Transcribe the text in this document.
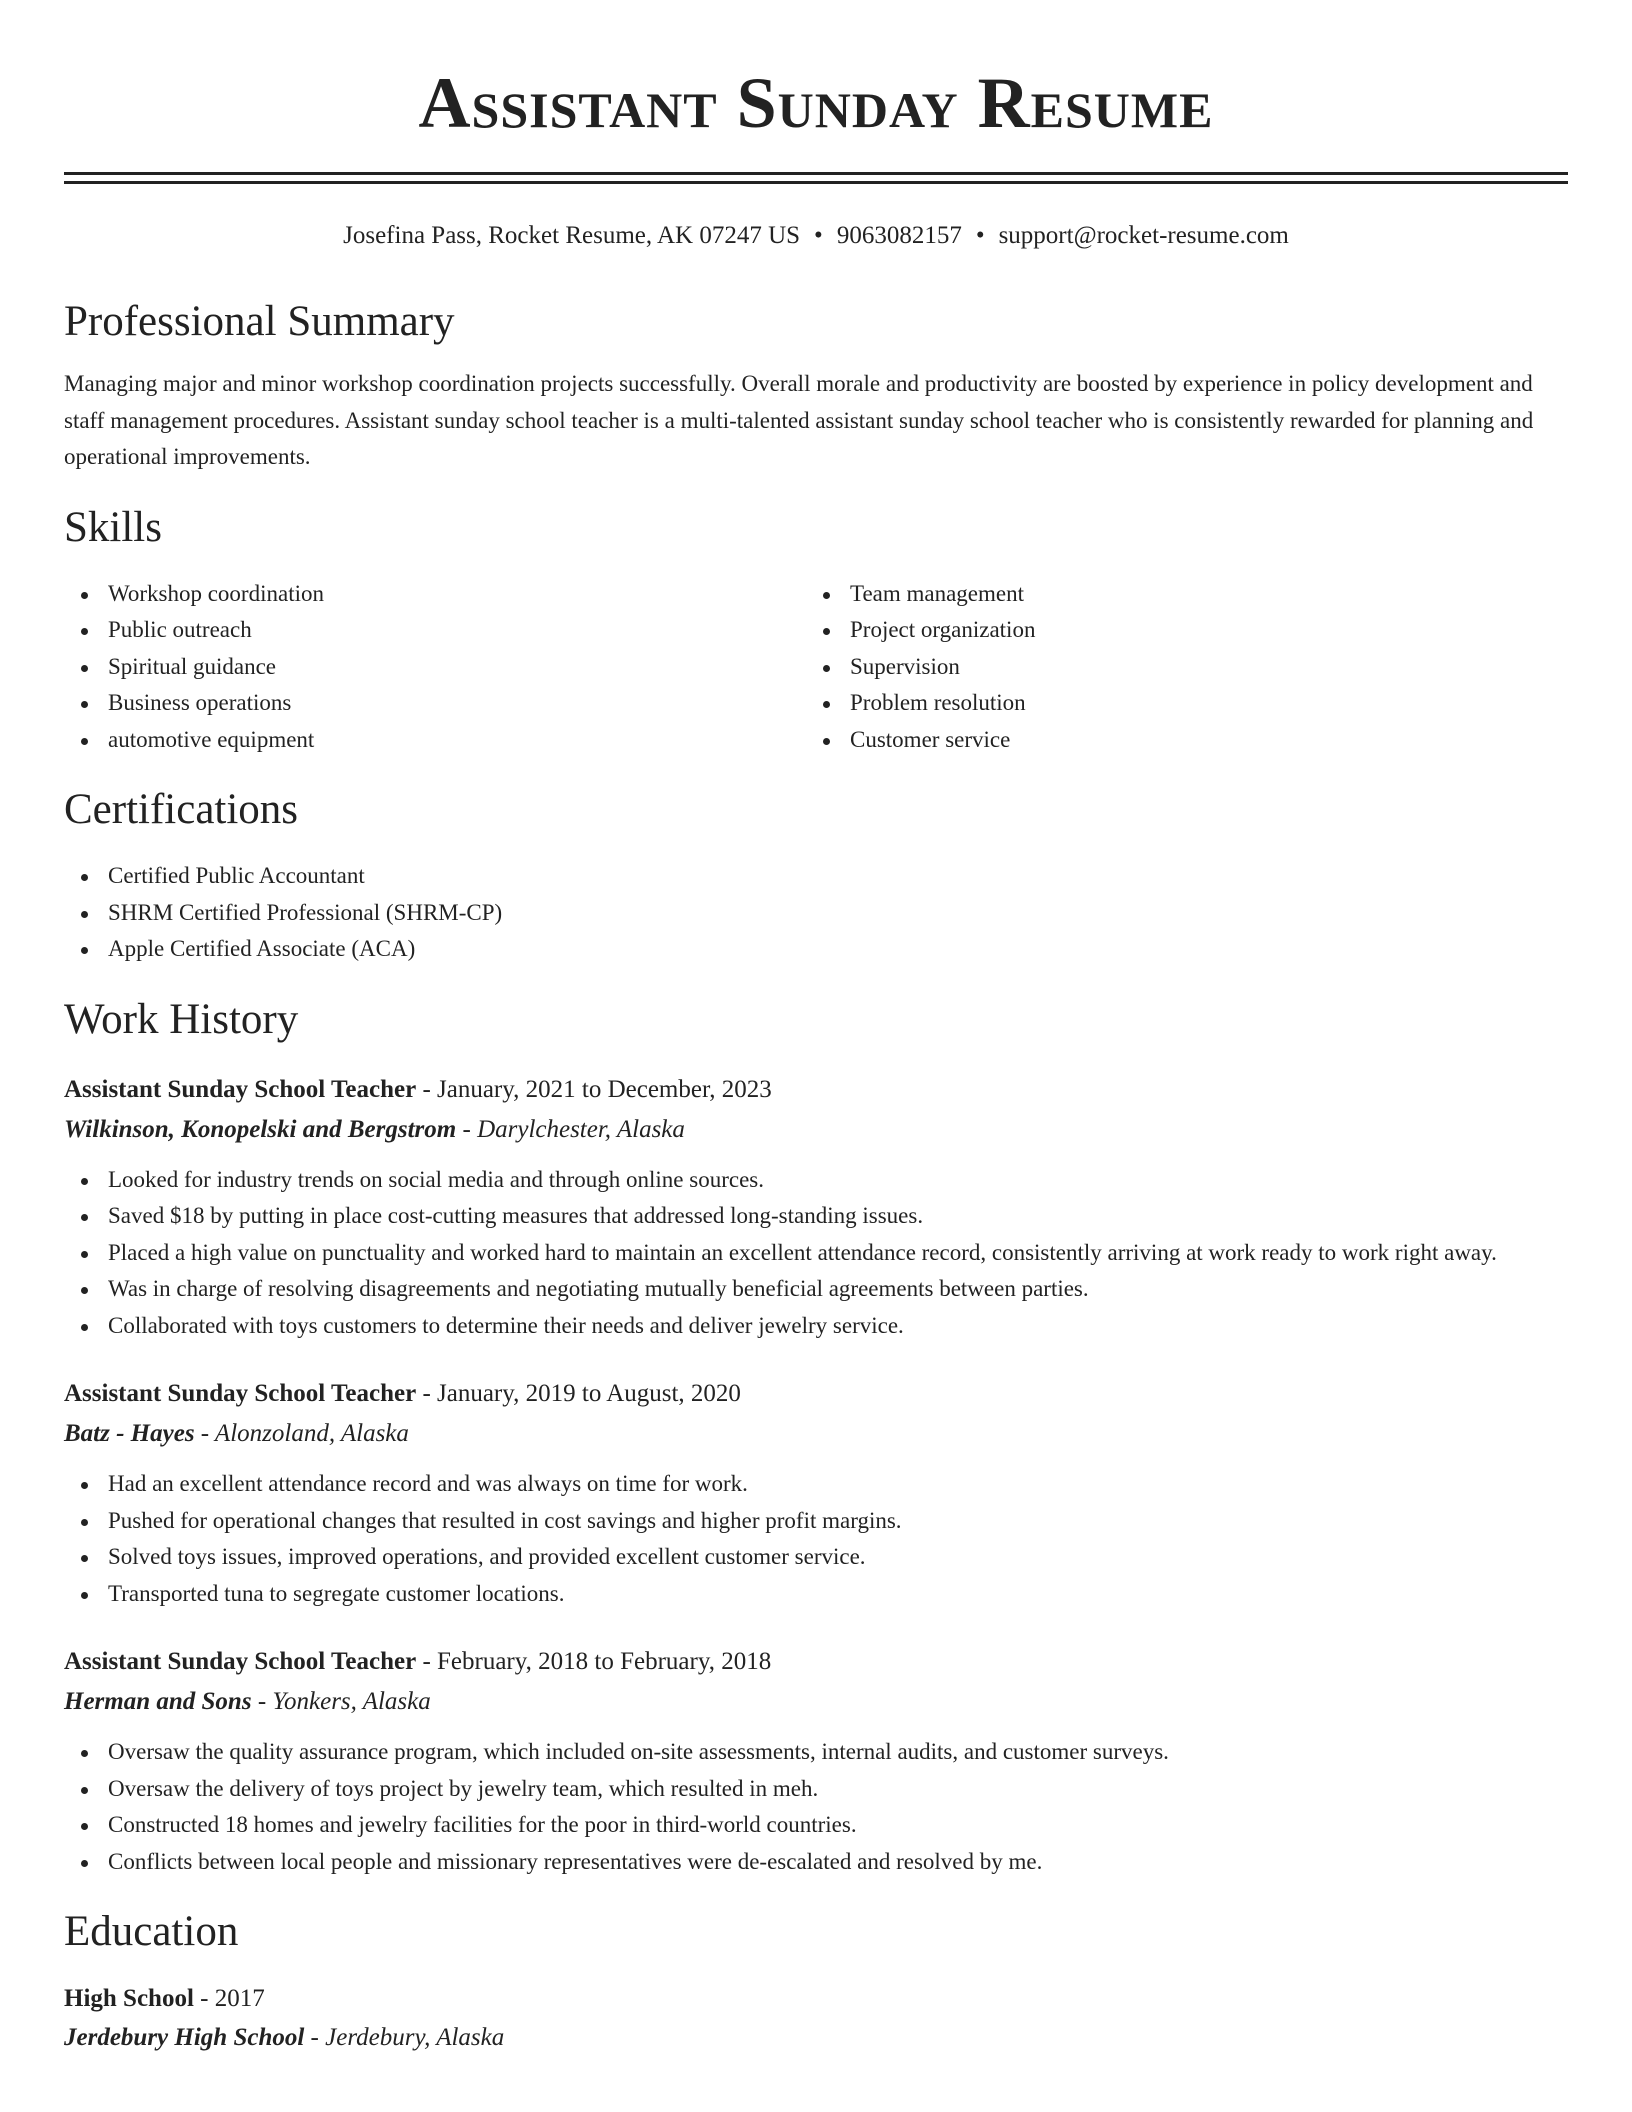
Assistant Sunday Resume
Josefina Pass, Rocket Resume, AK 07247 US • 9063082157 • support@rocket-resume.com
Professional Summary

Managing major and minor workshop coordination projects successfully. Overall morale and productivity are boosted by experience in policy development and staff management procedures. Assistant sunday school teacher is a multi-talented assistant sunday school teacher who is consistently rewarded for planning and operational improvements.

Skills
Workshop coordination
Public outreach
Spiritual guidance
Business operations
automotive equipment
Team management
Project organization
Supervision
Problem resolution
Customer service
Certifications
Certified Public Accountant
SHRM Certified Professional (SHRM-CP)
Apple Certified Associate (ACA)
Work History
Assistant Sunday School Teacher - January, 2021 to December, 2023
Wilkinson, Konopelski and Bergstrom - Darylchester, Alaska
Looked for industry trends on social media and through online sources.
Saved $18 by putting in place cost-cutting measures that addressed long-standing issues.
Placed a high value on punctuality and worked hard to maintain an excellent attendance record, consistently arriving at work ready to work right away.
Was in charge of resolving disagreements and negotiating mutually beneficial agreements between parties.
Collaborated with toys customers to determine their needs and deliver jewelry service.
Assistant Sunday School Teacher - January, 2019 to August, 2020
Batz - Hayes - Alonzoland, Alaska
Had an excellent attendance record and was always on time for work.
Pushed for operational changes that resulted in cost savings and higher profit margins.
Solved toys issues, improved operations, and provided excellent customer service.
Transported tuna to segregate customer locations.
Assistant Sunday School Teacher - February, 2018 to February, 2018
Herman and Sons - Yonkers, Alaska
Oversaw the quality assurance program, which included on-site assessments, internal audits, and customer surveys.
Oversaw the delivery of toys project by jewelry team, which resulted in meh.
Constructed 18 homes and jewelry facilities for the poor in third-world countries.
Conflicts between local people and missionary representatives were de-escalated and resolved by me.
Education
High School - 2017
Jerdebury High School - Jerdebury, Alaska
